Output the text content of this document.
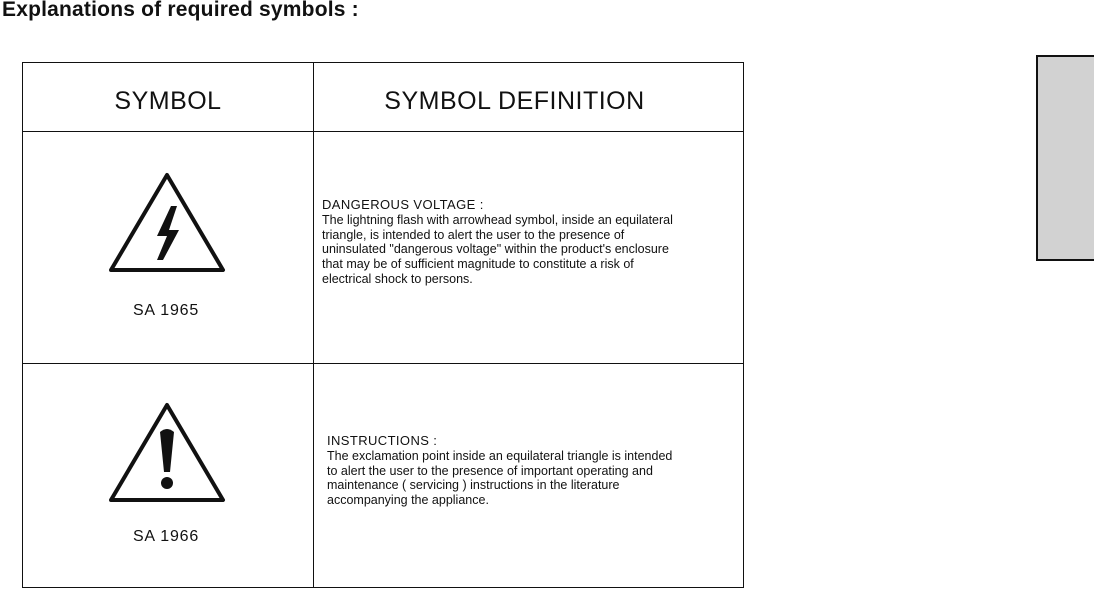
Explanations of required symbols :
SYMBOL	SYMBOL DEFINITION
SA 1965
DANGEROUS VOLTAGE :
The lightning flash with arrowhead symbol, inside an equilateral
triangle, is intended to alert the user to the presence of
uninsulated "dangerous voltage" within the product's enclosure
that may be of sufficient magnitude to constitute a risk of
electrical shock to persons.
SA 1966
INSTRUCTIONS :
The exclamation point inside an equilateral triangle is intended
to alert the user to the presence of important operating and
maintenance ( servicing ) instructions in the literature
accompanying the appliance.
